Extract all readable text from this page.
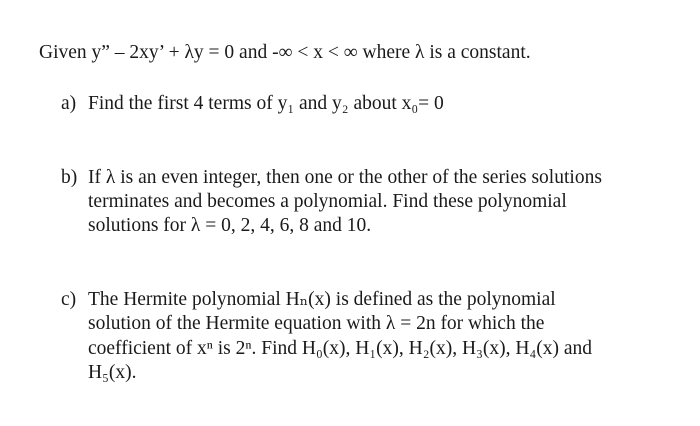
Given y” – 2xy’ + λy = 0 and -∞ < x < ∞ where λ is a constant.
a) Find the first 4 terms of y₁ and y₂ about x₀= 0
b) If λ is an even integer, then one or the other of the series solutions
terminates and becomes a polynomial. Find these polynomial
solutions for λ = 0, 2, 4, 6, 8 and 10.
c) The Hermite polynomial Hₙ(x) is defined as the polynomial
solution of the Hermite equation with λ = 2n for which the
coefficient of xⁿ is 2ⁿ. Find H₀(x), H₁(x), H₂(x), H₃(x), H₄(x) and
H₅(x).
